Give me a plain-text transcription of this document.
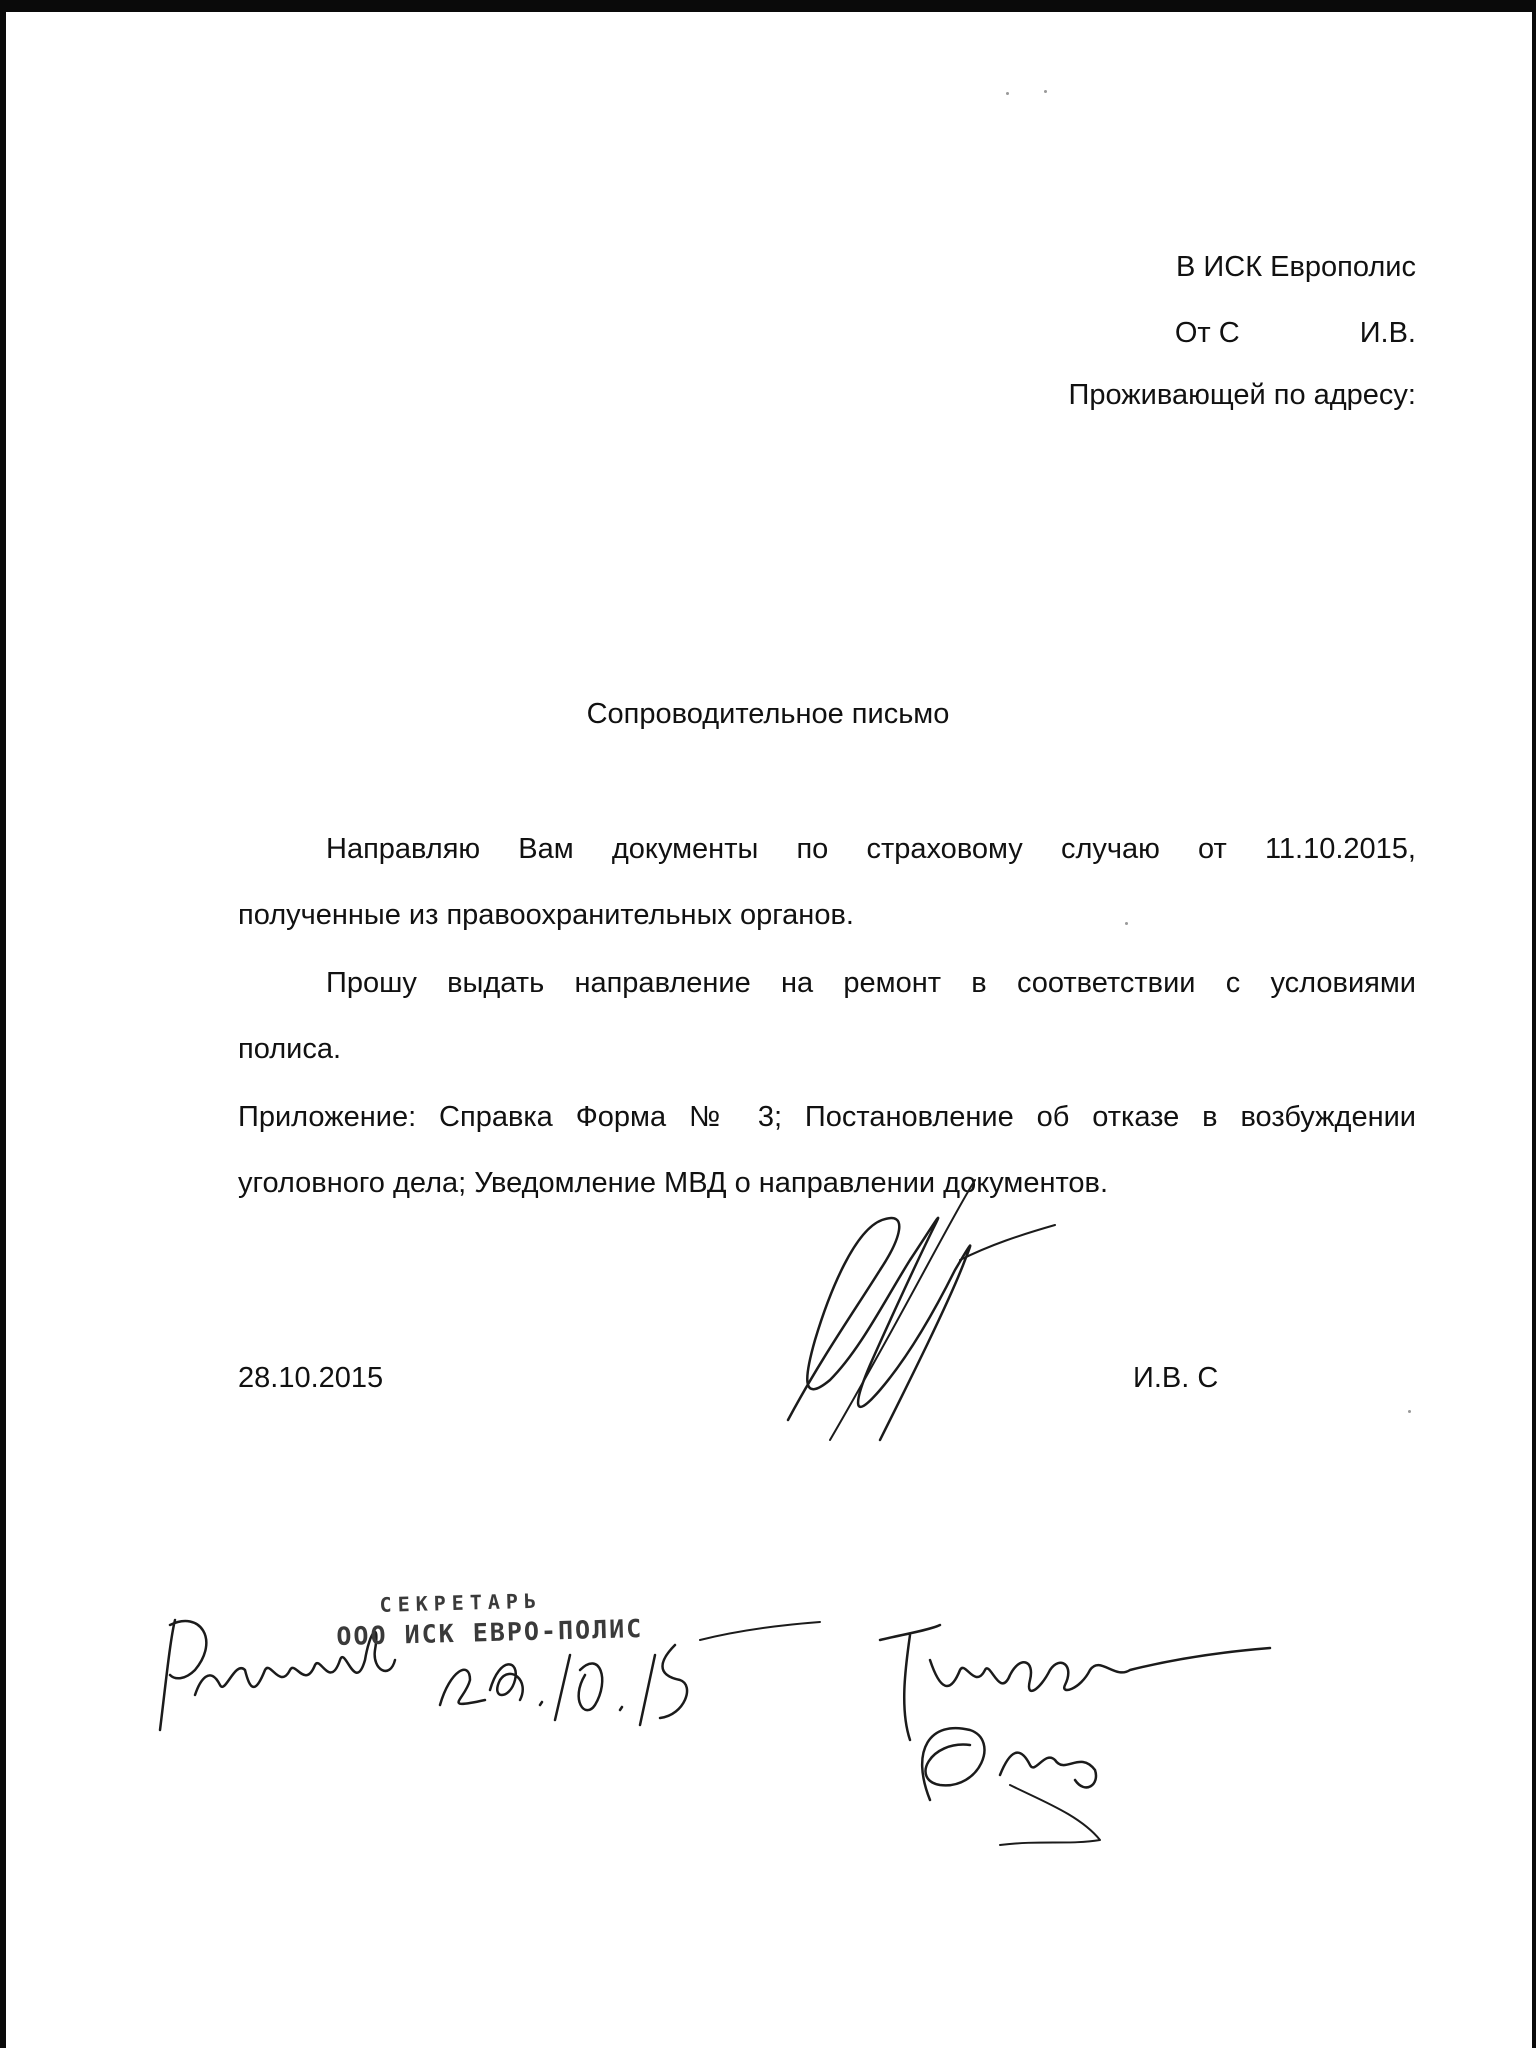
В ИСК Европолис
От С	И.В.
Проживающей по адресу:
Сопроводительное письмо

Направляю Вам документы по страховому случаю от 11.10.2015,

полученные из правоохранительных органов.

Прошу выдать направление на ремонт в соответствии с условиями

полиса.

Приложение: Справка Форма № 3; Постановление об отказе в возбуждении

уголовного дела; Уведомление МВД о направлении документов.

28.10.2015	И.В. С
СЕКРЕТАРЬ
ООО ИСК ЕВРО-ПОЛИС
